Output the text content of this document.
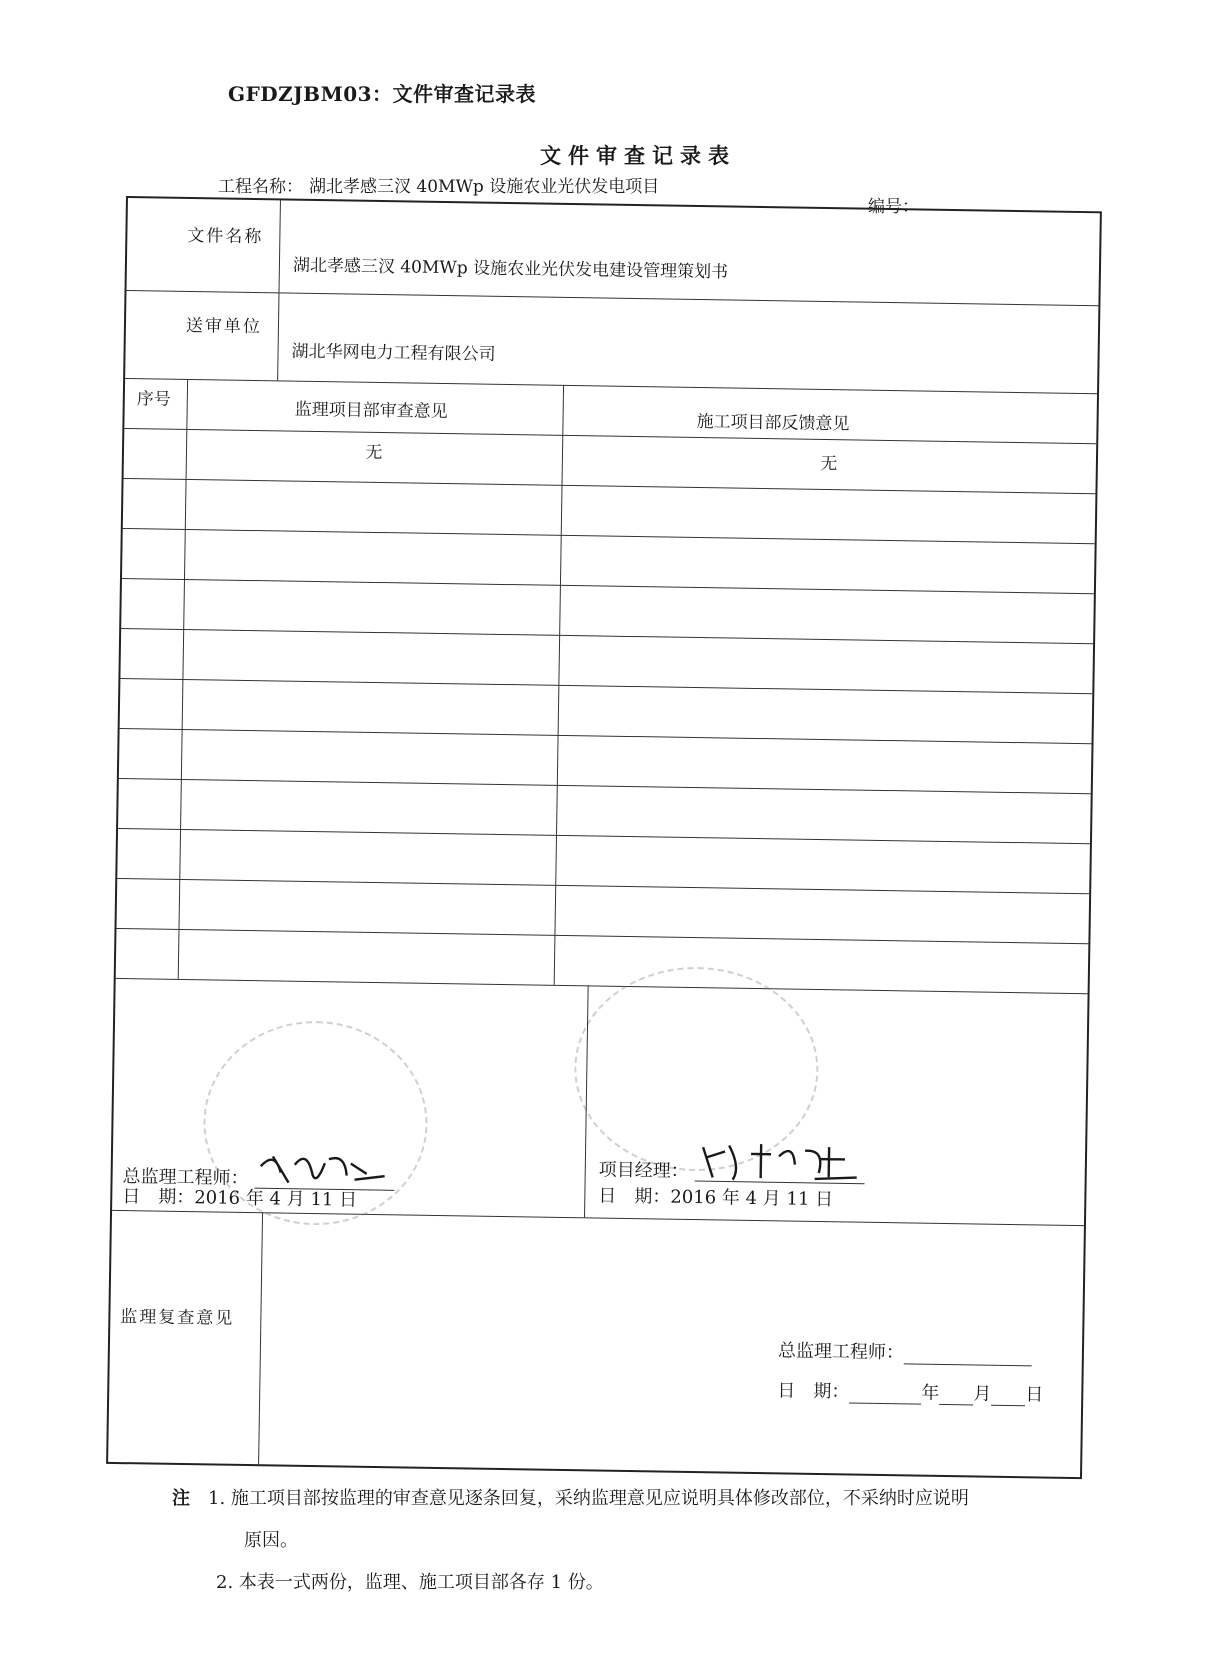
GFDZJBM03：文件审查记录表
文件审查记录表
工程名称： 湖北孝感三汊 40MWp 设施农业光伏发电项目
编号：
文件名称
湖北孝感三汊 40MWp 设施农业光伏发电建设管理策划书
送审单位
湖北华网电力工程有限公司
序号
监理项目部审查意见
施工项目部反馈意见
无
无
总监理工程师：
日　期：2016 年 4 月 11 日
项目经理：
日　期：2016 年 4 月 11 日
监理复查意见
总监理工程师：
日　期：	年 月 日
注 1. 施工项目部按监理的审查意见逐条回复，采纳监理意见应说明具体修改部位，不采纳时应说明
原因。
2. 本表一式两份，监理、施工项目部各存 1 份。
